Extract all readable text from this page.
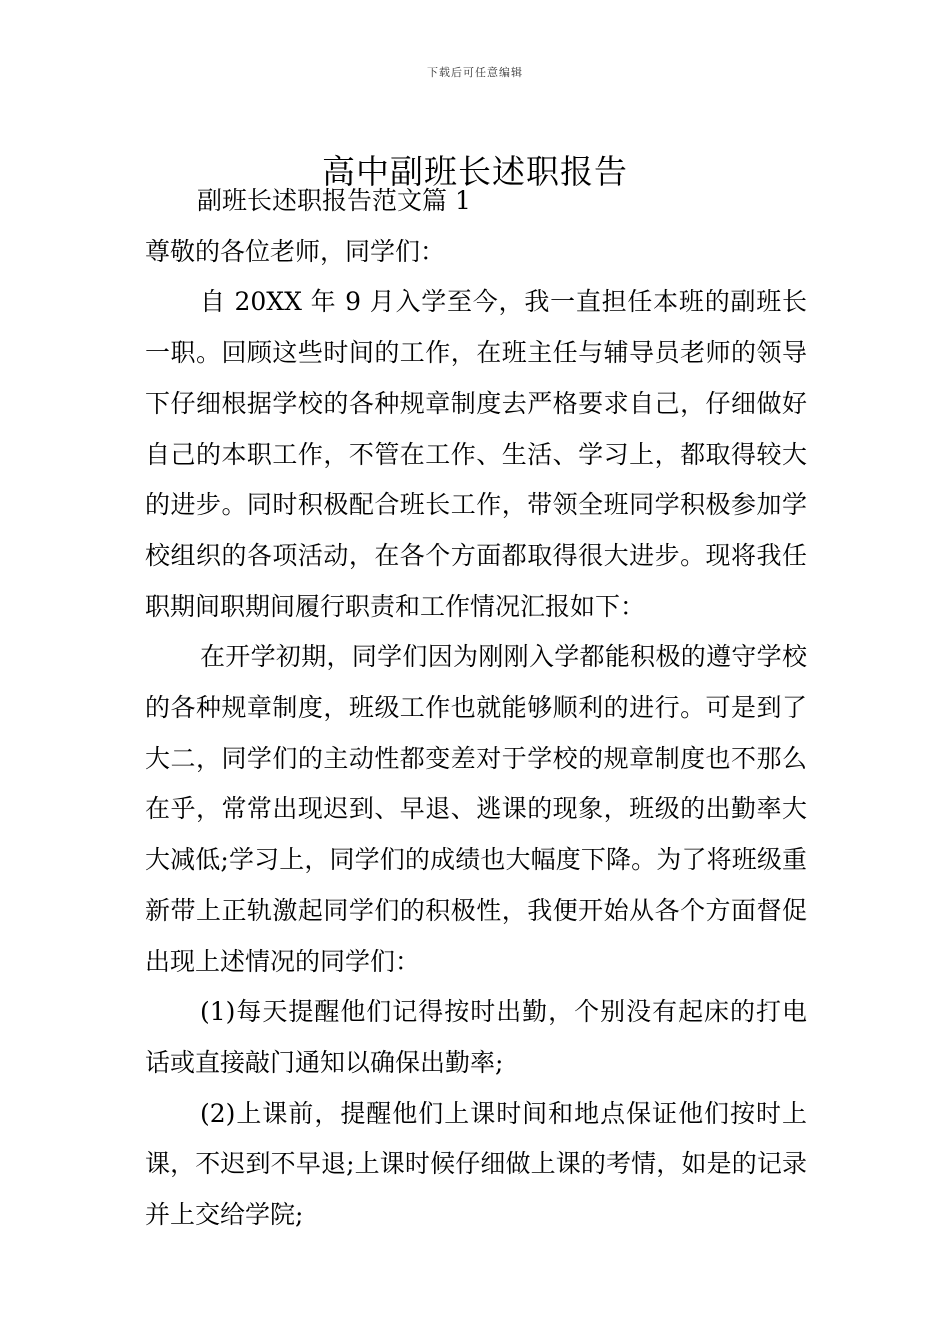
下载后可任意编辑
高中副班长述职报告

副班长述职报告范文篇 1

尊敬的各位老师，同学们：

自 20XX 年 9 月入学至今，我一直担任本班的副班长一职。回顾这些时间的工作，在班主任与辅导员老师的领导下仔细根据学校的各种规章制度去严格要求自己，仔细做好自己的本职工作，不管在工作、生活、学习上，都取得较大的进步。同时积极配合班长工作，带领全班同学积极参加学校组织的各项活动，在各个方面都取得很大进步。现将我任职期间职期间履行职责和工作情况汇报如下：

在开学初期，同学们因为刚刚入学都能积极的遵守学校的各种规章制度，班级工作也就能够顺利的进行。可是到了大二，同学们的主动性都变差对于学校的规章制度也不那么在乎，常常出现迟到、早退、逃课的现象，班级的出勤率大大减低;学习上，同学们的成绩也大幅度下降。为了将班级重新带上正轨激起同学们的积极性，我便开始从各个方面督促出现上述情况的同学们：

(1)每天提醒他们记得按时出勤，个别没有起床的打电话或直接敲门通知以确保出勤率;

(2)上课前，提醒他们上课时间和地点保证他们按时上课，不迟到不早退;上课时候仔细做上课的考情，如是的记录并上交给学院;
